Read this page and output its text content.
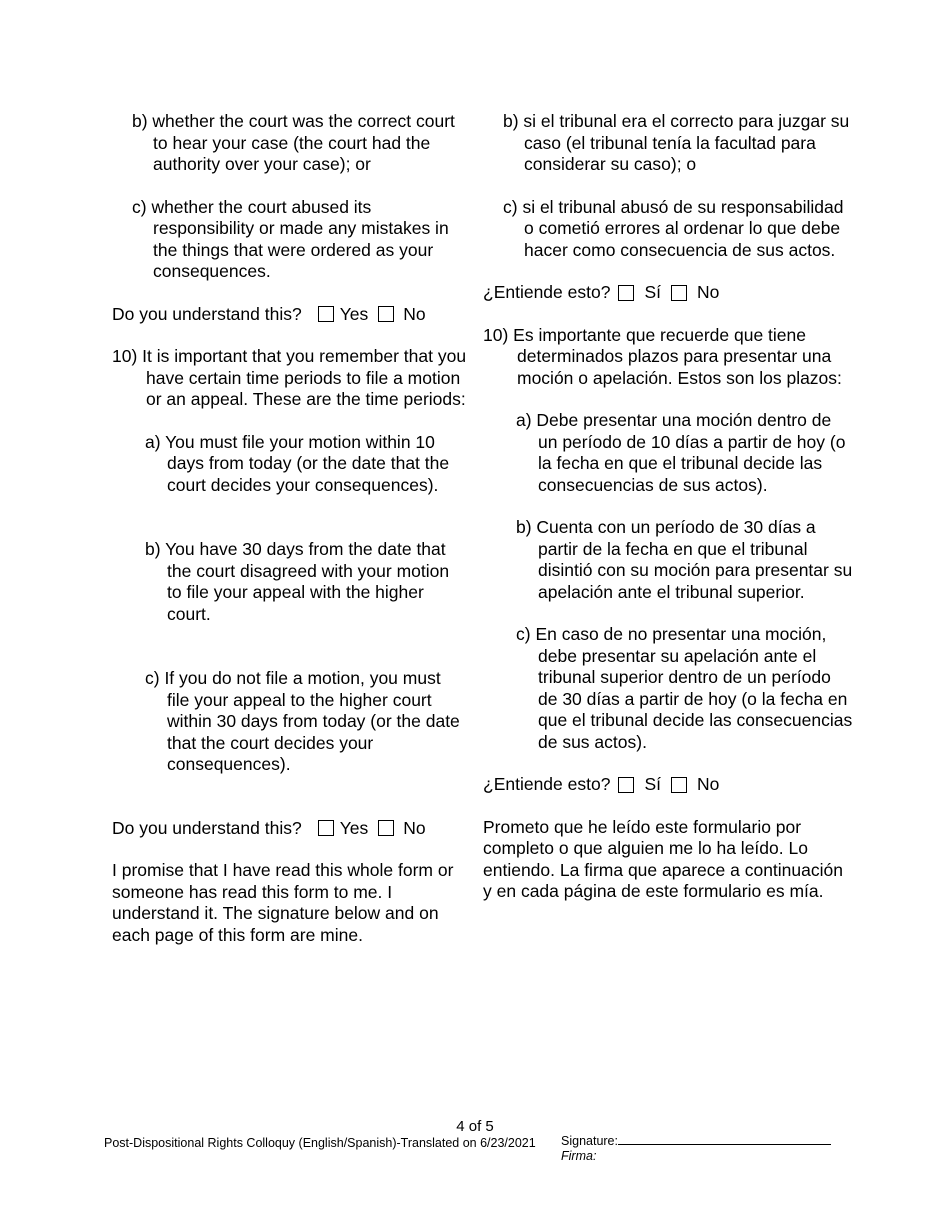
b) whether the court was the correct court to hear your case (the court had the authority over your case); or

c) whether the court abused its responsibility or made any mistakes in the things that were ordered as your consequences.

Do you understand this? Yes No

10) It is important that you remember that you have certain time periods to file a motion or an appeal. These are the time periods:

a) You must file your motion within 10 days from today (or the date that the court decides your consequences).

b) You have 30 days from the date that the court disagreed with your motion to file your appeal with the higher court.

c) If you do not file a motion, you must file your appeal to the higher court within 30 days from today (or the date that the court decides your consequences).

Do you understand this? Yes No

I promise that I have read this whole form or someone has read this form to me. I understand it. The signature below and on each page of this form are mine.

b) si el tribunal era el correcto para juzgar su caso (el tribunal tenía la facultad para considerar su caso); o

c) si el tribunal abusó de su responsabilidad o cometió errores al ordenar lo que debe hacer como consecuencia de sus actos.

¿Entiende esto? Sí No

10) Es importante que recuerde que tiene determinados plazos para presentar una moción o apelación. Estos son los plazos:

a) Debe presentar una moción dentro de un período de 10 días a partir de hoy (o la fecha en que el tribunal decide las consecuencias de sus actos).

b) Cuenta con un período de 30 días a partir de la fecha en que el tribunal disintió con su moción para presentar su apelación ante el tribunal superior.

c) En caso de no presentar una moción, debe presentar su apelación ante el tribunal superior dentro de un período de 30 días a partir de hoy (o la fecha en que el tribunal decide las consecuencias de sus actos).

¿Entiende esto? Sí No

Prometo que he leído este formulario por completo o que alguien me lo ha leído. Lo entiendo. La firma que aparece a continuación y en cada página de este formulario es mía.

4 of 5
Post-Dispositional Rights Colloquy (English/Spanish)-Translated on 6/23/2021 Signature:
Firma:
